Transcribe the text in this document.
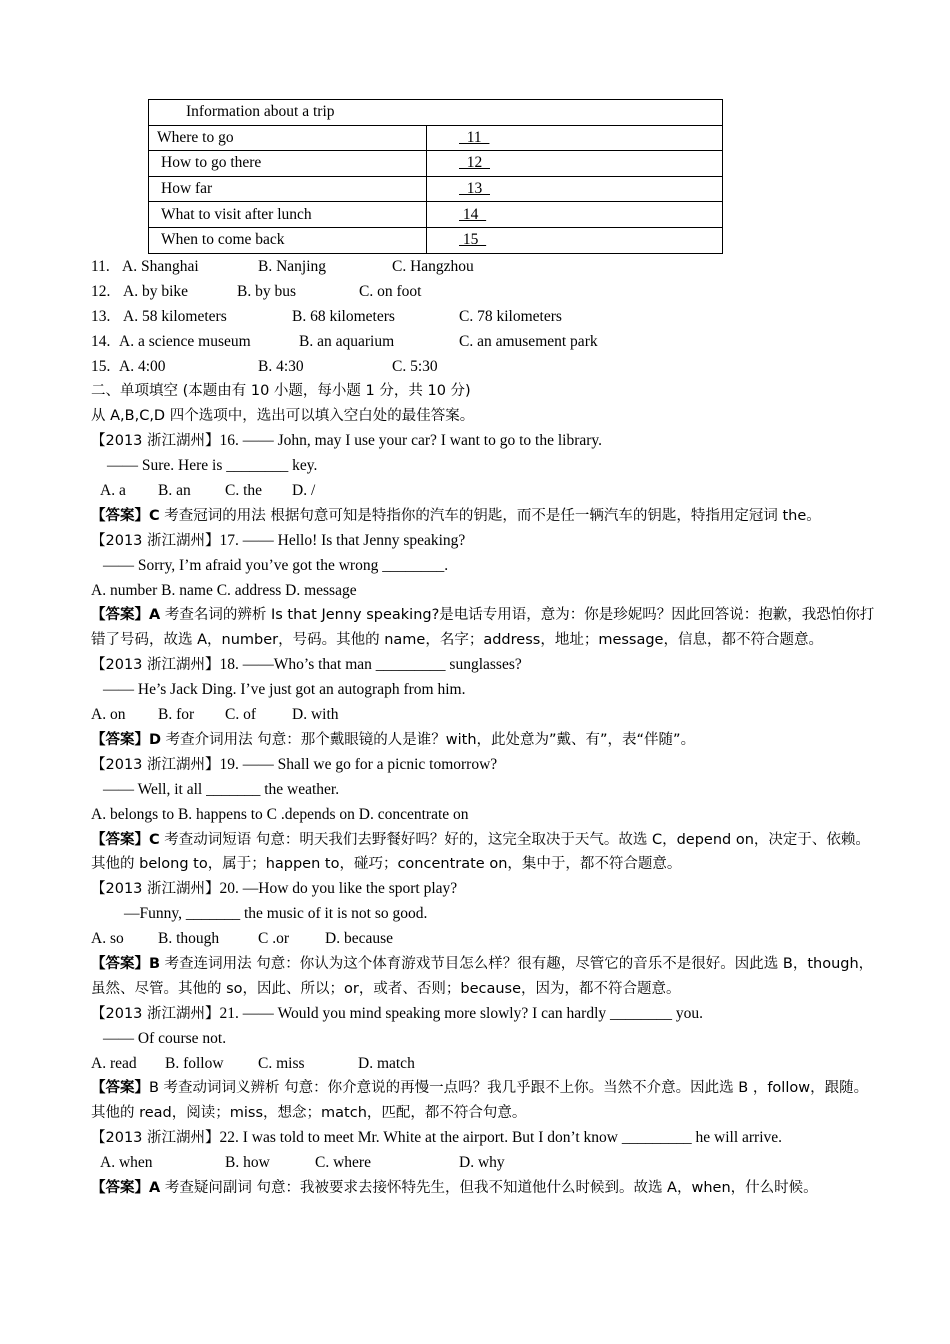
Information about a trip	
Where to go	11
How to go there	12
How far	13
What to visit after lunch	14
When to come back	15
11. A. Shanghai	B. Nanjing	C. Hangzhou
12. A. by bike	B. by bus	C. on foot
13. A. 58 kilometers	B. 68 kilometers	C. 78 kilometers
14. A. a science museum	B. an aquarium	C. an amusement park
15. A. 4:00	B. 4:30	C. 5:30
二、单项填空 (本题由有 10 小题，每小题 1 分，共 10 分)
从 A,B,C,D 四个选项中，选出可以填入空白处的最佳答案。
【2013 浙江湖州】16. —— John, may I use your car? I want to go to the library.
—— Sure. Here is ________ key.
A. a B. an C. the D. /
【答案】C 考查冠词的用法 根据句意可知是特指你的汽车的钥匙，而不是任一辆汽车的钥匙，特指用定冠词 the。
【2013 浙江湖州】17. —— Hello! Is that Jenny speaking?
—— Sorry, I’m afraid you’ve got the wrong ________.
A. number B. name C. address D. message
【答案】A 考查名词的辨析 Is that Jenny speaking?是电话专用语，意为：你是珍妮吗？因此回答说：抱歉，我恐怕你打错了号码，故选 A，number，号码。其他的 name，名字；address，地址；message，信息，都不符合题意。
【2013 浙江湖州】18. ——Who’s that man _________ sunglasses?
—— He’s Jack Ding. I’ve just got an autograph from him.
A. on B. for C. of D. with
【答案】D 考查介词用法 句意：那个戴眼镜的人是谁？with，此处意为”戴、有”，表“伴随”。
【2013 浙江湖州】19. —— Shall we go for a picnic tomorrow?
—— Well, it all _______ the weather.
A. belongs to B. happens to C .depends on D. concentrate on
【答案】C 考查动词短语 句意：明天我们去野餐好吗？好的，这完全取决于天气。故选 C，depend on，决定于、依赖。其他的 belong to，属于；happen to，碰巧；concentrate on，集中于，都不符合题意。
【2013 浙江湖州】20. —How do you like the sport play?
—Funny, _______ the music of it is not so good.
A. so B. though	C .or D. because
【答案】B 考查连词用法 句意：你认为这个体育游戏节目怎么样？很有趣，尽管它的音乐不是很好。因此选 B，though，虽然、尽管。其他的 so，因此、所以；or，或者、否则；because，因为，都不符合题意。
【2013 浙江湖州】21. —— Would you mind speaking more slowly? I can hardly ________ you.
—— Of course not.
A. read B. follow C. miss	D. match
【答案】B 考查动词词义辨析 句意：你介意说的再慢一点吗？我几乎跟不上你。当然不介意。因此选 B ，follow，跟随。其他的 read，阅读；miss，想念；match，匹配，都不符合句意。
【2013 浙江湖州】22. I was told to meet Mr. White at the airport. But I don’t know _________ he will arrive.
A. when	B. how	C. where	D. why
【答案】A 考查疑问副词 句意：我被要求去接怀特先生，但我不知道他什么时候到。故选 A，when，什么时候。
